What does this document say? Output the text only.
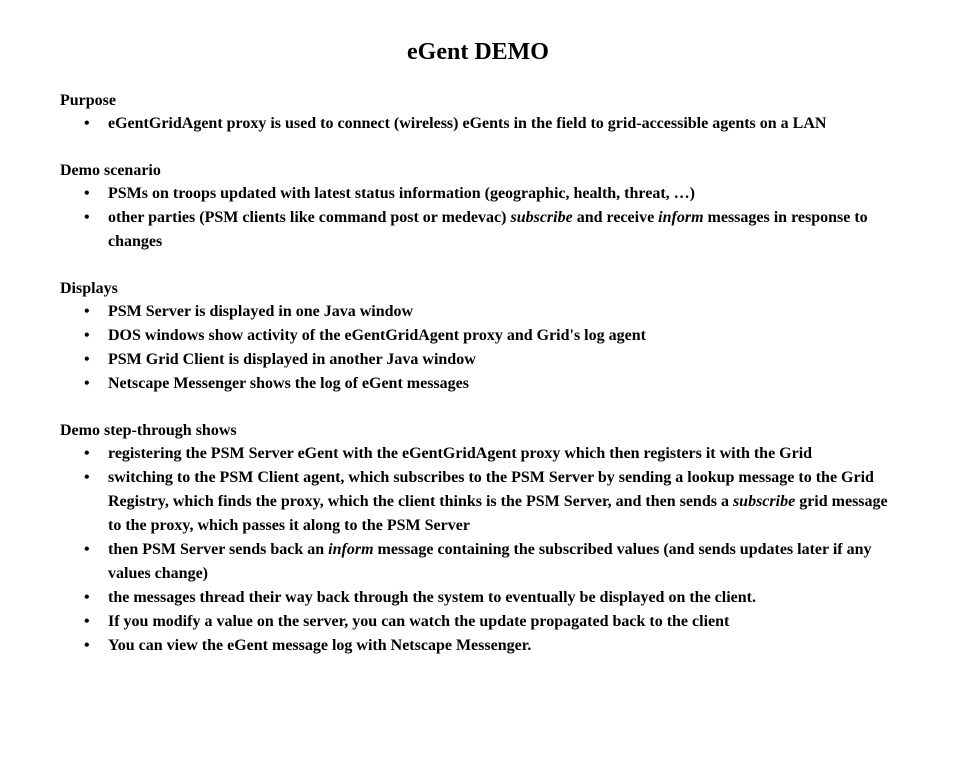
eGent DEMO
Purpose
•	eGentGridAgent proxy is used to connect (wireless) eGents in the field to grid-accessible agents on a LAN
Demo scenario
•	PSMs on troops updated with latest status information (geographic, health, threat, …)
•	other parties (PSM clients like command post or medevac) subscribe and receive inform messages in response to changes
Displays
•	PSM Server is displayed in one Java window
•	DOS windows show activity of the eGentGridAgent proxy and Grid's log agent
•	PSM Grid Client is displayed in another Java window
•	Netscape Messenger shows the log of eGent messages
Demo step-through shows
•	registering the PSM Server eGent with the eGentGridAgent proxy which then registers it with the Grid
•	switching to the PSM Client agent, which subscribes to the PSM Server by sending a lookup message to the Grid Registry, which finds the proxy, which the client thinks is the PSM Server, and then sends a subscribe grid message to the proxy, which passes it along to the PSM Server
•	then PSM Server sends back an inform message containing the subscribed values (and sends updates later if any values change)
•	the messages thread their way back through the system to eventually be displayed on the client.
•	If you modify a value on the server, you can watch the update propagated back to the client
•	You can view the eGent message log with Netscape Messenger.
